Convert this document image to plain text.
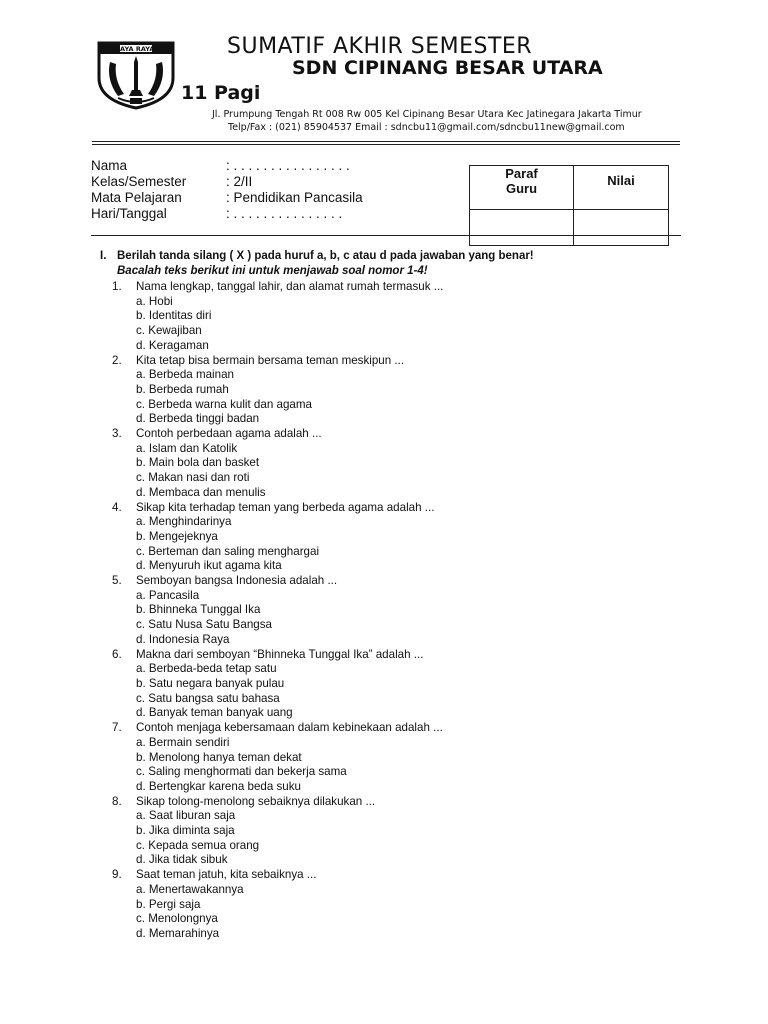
JAYA RAYA	SUMATIF AKHIR SEMESTER
SDN CIPINANG BESAR UTARA
11 Pagi
Jl. Prumpung Tengah Rt 008 Rw 005 Kel Cipinang Besar Utara Kec Jatinegara Jakarta Timur
Telp/Fax : (021) 85904537 Email : sdncbu11@gmail.com/sdncbu11new@gmail.com
Nama	: . . . . . . . . . . . . . . . .
Kelas/Semester	: 2/II
Mata Pelajaran	: Pendidikan Pancasila
Hari/Tanggal	: . . . . . . . . . . . . . . .
Paraf
Guru	Nilai

I. Berilah tanda silang ( X ) pada huruf a, b, c atau d pada jawaban yang benar!
Bacalah teks berikut ini untuk menjawab soal nomor 1-4!
1. Nama lengkap, tanggal lahir, dan alamat rumah termasuk ...
a. Hobi
b. Identitas diri
c. Kewajiban
d. Keragaman
2. Kita tetap bisa bermain bersama teman meskipun ...
a. Berbeda mainan
b. Berbeda rumah
c. Berbeda warna kulit dan agama
d. Berbeda tinggi badan
3. Contoh perbedaan agama adalah ...
a. Islam dan Katolik
b. Main bola dan basket
c. Makan nasi dan roti
d. Membaca dan menulis
4. Sikap kita terhadap teman yang berbeda agama adalah ...
a. Menghindarinya
b. Mengejeknya
c. Berteman dan saling menghargai
d. Menyuruh ikut agama kita
5. Semboyan bangsa Indonesia adalah ...
a. Pancasila
b. Bhinneka Tunggal Ika
c. Satu Nusa Satu Bangsa
d. Indonesia Raya
6. Makna dari semboyan “Bhinneka Tunggal Ika” adalah ...
a. Berbeda-beda tetap satu
b. Satu negara banyak pulau
c. Satu bangsa satu bahasa
d. Banyak teman banyak uang
7. Contoh menjaga kebersamaan dalam kebinekaan adalah ...
a. Bermain sendiri
b. Menolong hanya teman dekat
c. Saling menghormati dan bekerja sama
d. Bertengkar karena beda suku
8. Sikap tolong-menolong sebaiknya dilakukan ...
a. Saat liburan saja
b. Jika diminta saja
c. Kepada semua orang
d. Jika tidak sibuk
9. Saat teman jatuh, kita sebaiknya ...
a. Menertawakannya
b. Pergi saja
c. Menolongnya
d. Memarahinya
